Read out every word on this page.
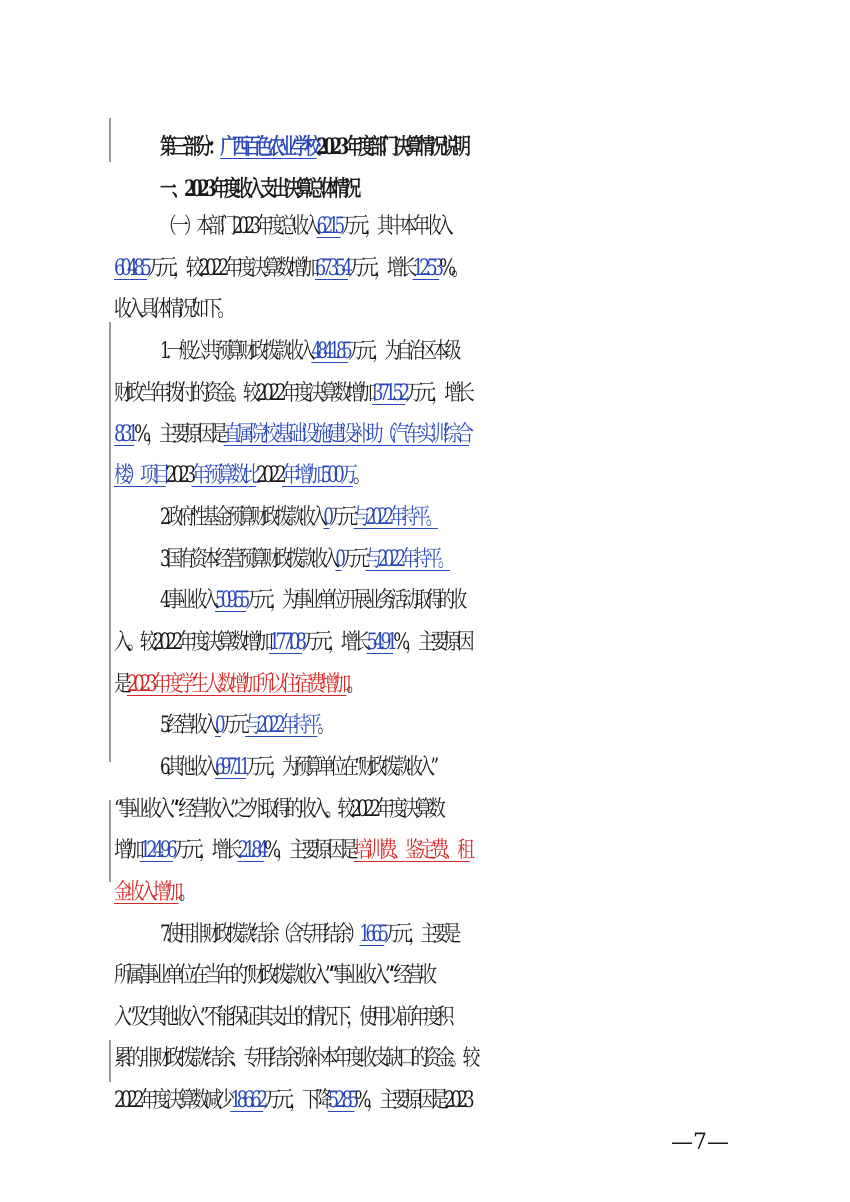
第三部分：广西百色农业学校2023 年度部门决算情况说明
一、2023年度收入支出决算总体情况
（一）本部门2023年度总收入6215万元，其中本年收入
6048.5万元，较2022年度决算数增加673.54万元，增长12.53%。
收入具体情况如下。
1.一般公共预算财政拨款收入4841.85万元，为自治区本级
财政当年拨付的资金。较2022年度决算数增加371.52万元，增长
8.31%，主要原因是直属院校基础设施建设补助（汽车实训综合
楼）项目2023年预算数比2022年增加500万。
2.政府性基金预算财政拨款收入0万元与2022年持平。
3.国有资本经营预算财政拨款收入0万元与2022年持平。
4.事业收入509.55万元，为事业单位开展业务活动取得的收
入。较2022年度决算数增加177.08万元，增长54.91%，主要原因
是2023年度学生人数增加所以住宿费增加。
5.经营收入0万元与2022年持平。
6.其他收入697.11万元，为预算单位在“财政拨款收入”
“事业收入”“经营收入”之外取得的收入。较2022年度决算数
增加124.96万元，增长21.84%，主要原因是培训费、鉴定费、租
金收入增加。
7.使用非财政拨款结余（含专用结余）166.5万元，主要是
所属事业单位在当年的“财政拨款收入”“事业收入”“经营收
入”及“其他收入”不能保证其支出的情况下，使用以前年度积
累的非财政拨款结余、专用结余弥补本年度收支缺口的资金。较
2022年度决算数减少186.62万元，下降52.85%，主要原因是2023
—7—
